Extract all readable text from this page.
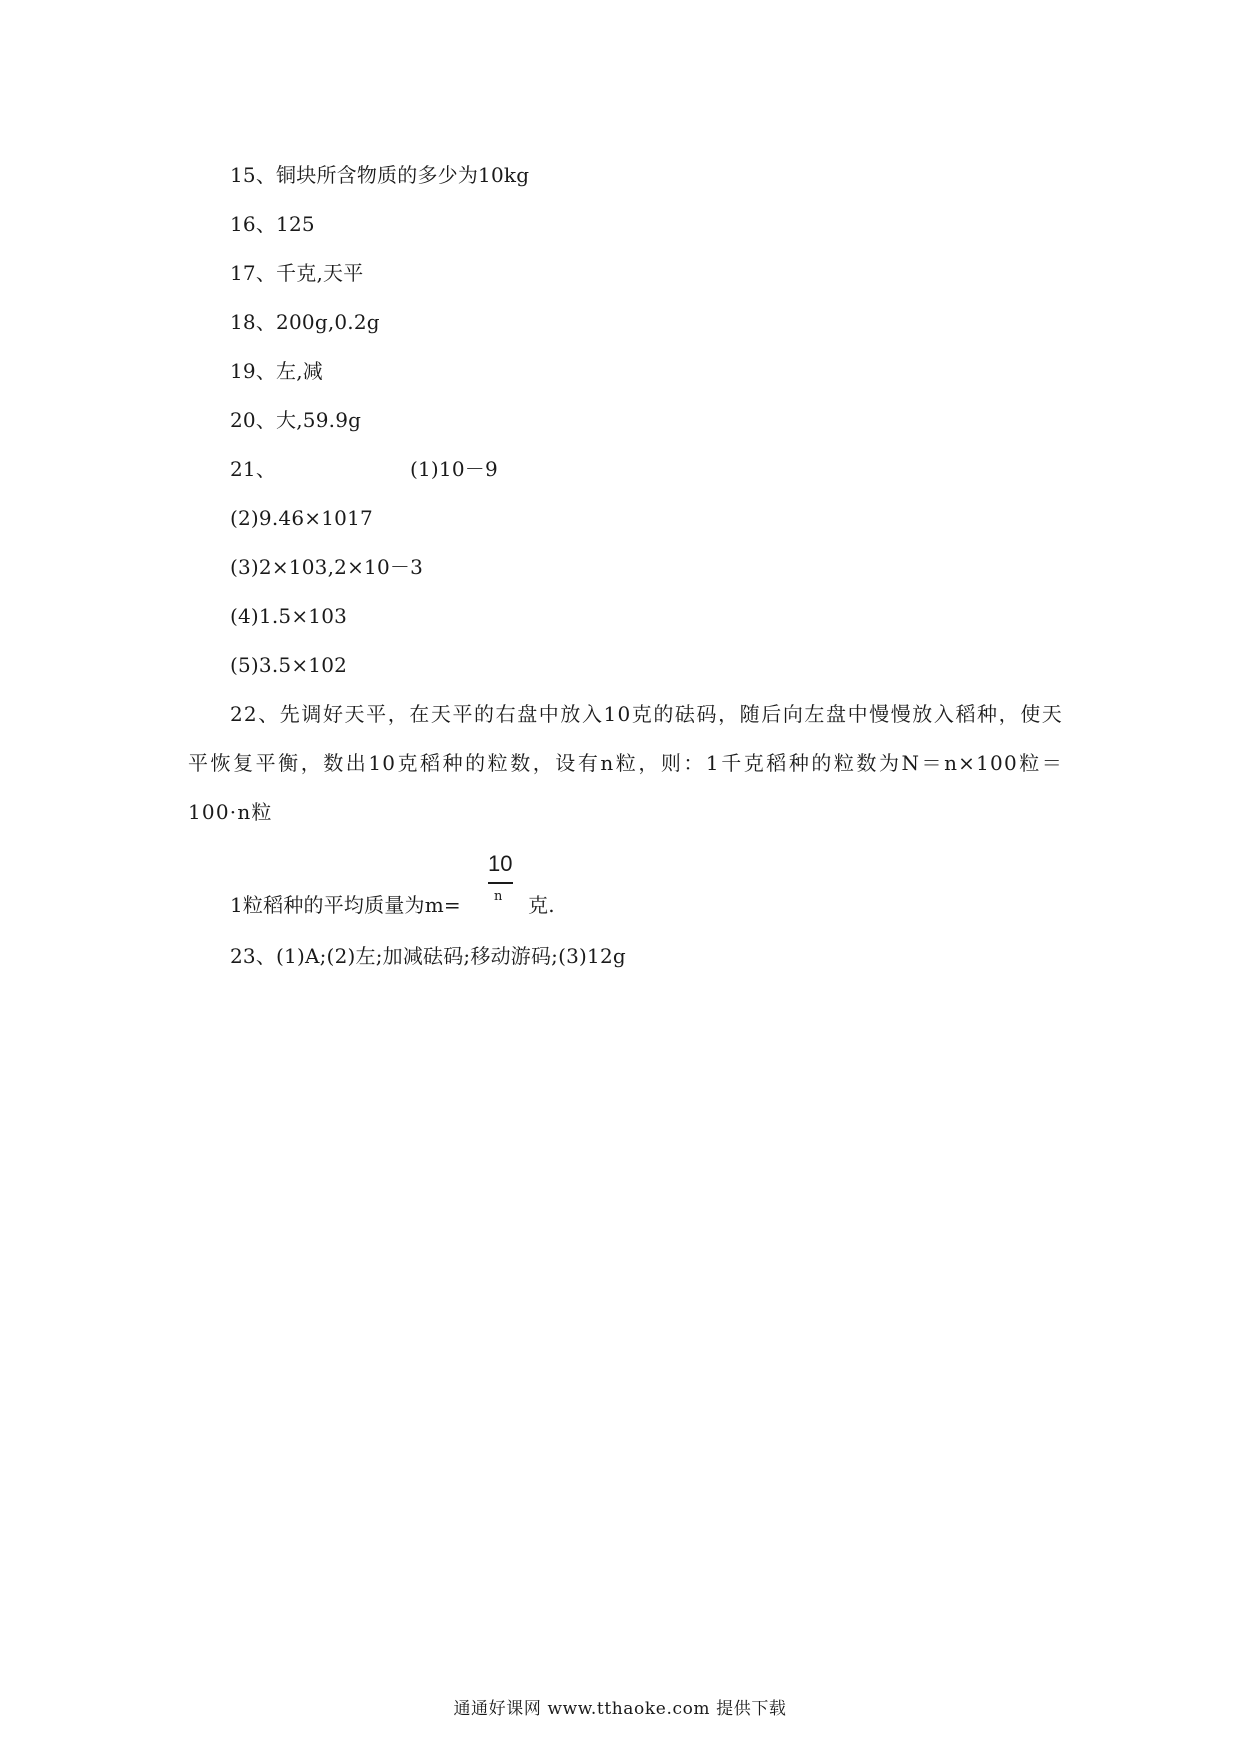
15、铜块所含物质的多少为10kg
16、125
17、千克,天平
18、200g,0.2g
19、左,减
20、大,59.9g
21、	(1)10－9
(2)9.46×1017
(3)2×103,2×10－3
(4)1.5×103
(5)3.5×102
22、先调好天平，在天平的右盘中放入10克的砝码，随后向左盘中慢慢放入稻种，使天平恢复平衡，数出10克稻种的粒数，设有n粒，则：1千克稻种的粒数为N＝n×100粒＝100·n粒
1粒稻种的平均质量为m=
10
n 克.
23、(1)A;(2)左;加减砝码;移动游码;(3)12g
通通好课网 www.tthaoke.com 提供下载
